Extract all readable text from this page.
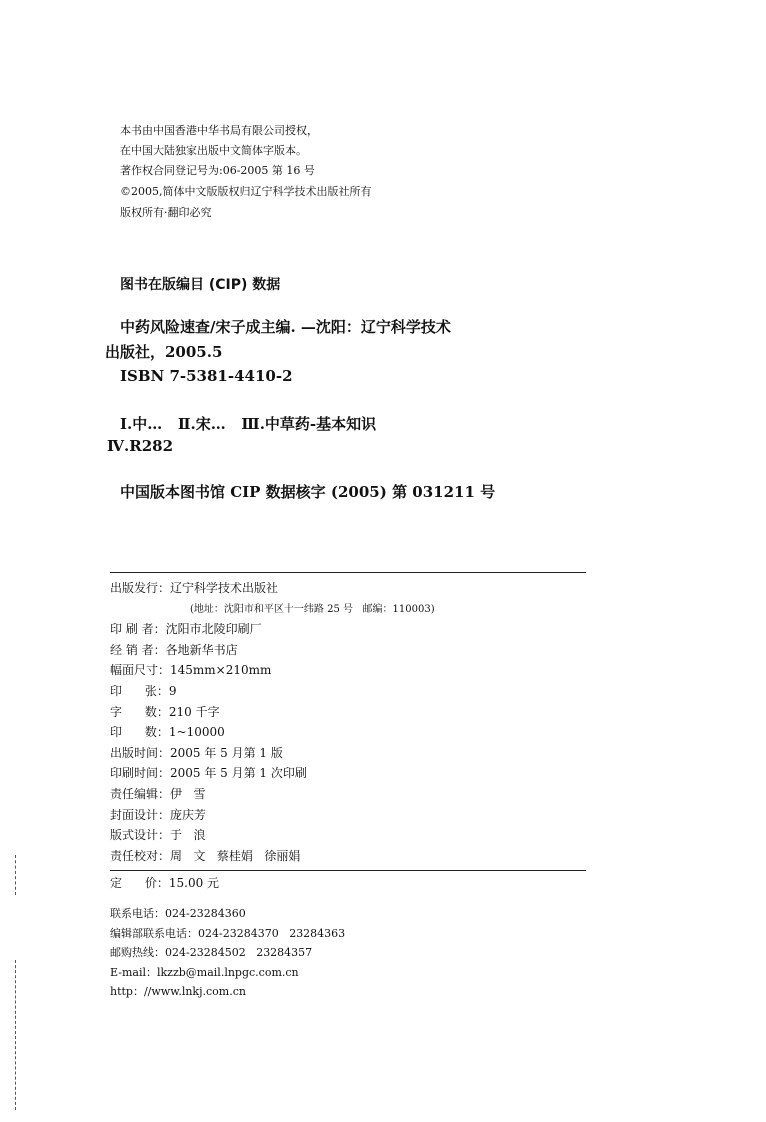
本书由中国香港中华书局有限公司授权，
在中国大陆独家出版中文简体字版本。
著作权合同登记号为:06-2005 第 16 号
©2005,简体中文版版权归辽宁科学技术出版社所有
版权所有·翻印必究
图书在版编目 (CIP) 数据
中药风险速查/宋子成主编. —沈阳：辽宁科学技术
出版社，2005.5
ISBN 7-5381-4410-2
Ⅰ.中…   Ⅱ.宋…   Ⅲ.中草药-基本知识
Ⅳ.R282
中国版本图书馆 CIP 数据核字 (2005) 第 031211 号
出版发行：辽宁科学技术出版社
(地址：沈阳市和平区十一纬路 25 号   邮编：110003)
印 刷 者：沈阳市北陵印刷厂
经 销 者：各地新华书店
幅面尺寸：145mm×210mm
印      张：9
字      数：210 千字
印      数：1~10000
出版时间：2005 年 5 月第 1 版
印刷时间：2005 年 5 月第 1 次印刷
责任编辑：伊   雪
封面设计：庞庆芳
版式设计：于   浪
责任校对：周   文   蔡桂娟   徐丽娟
定      价：15.00 元
联系电话：024-23284360
编辑部联系电话：024-23284370   23284363
邮购热线：024-23284502   23284357
E-mail：lkzzb@mail.lnpgc.com.cn
http：//www.lnkj.com.cn
